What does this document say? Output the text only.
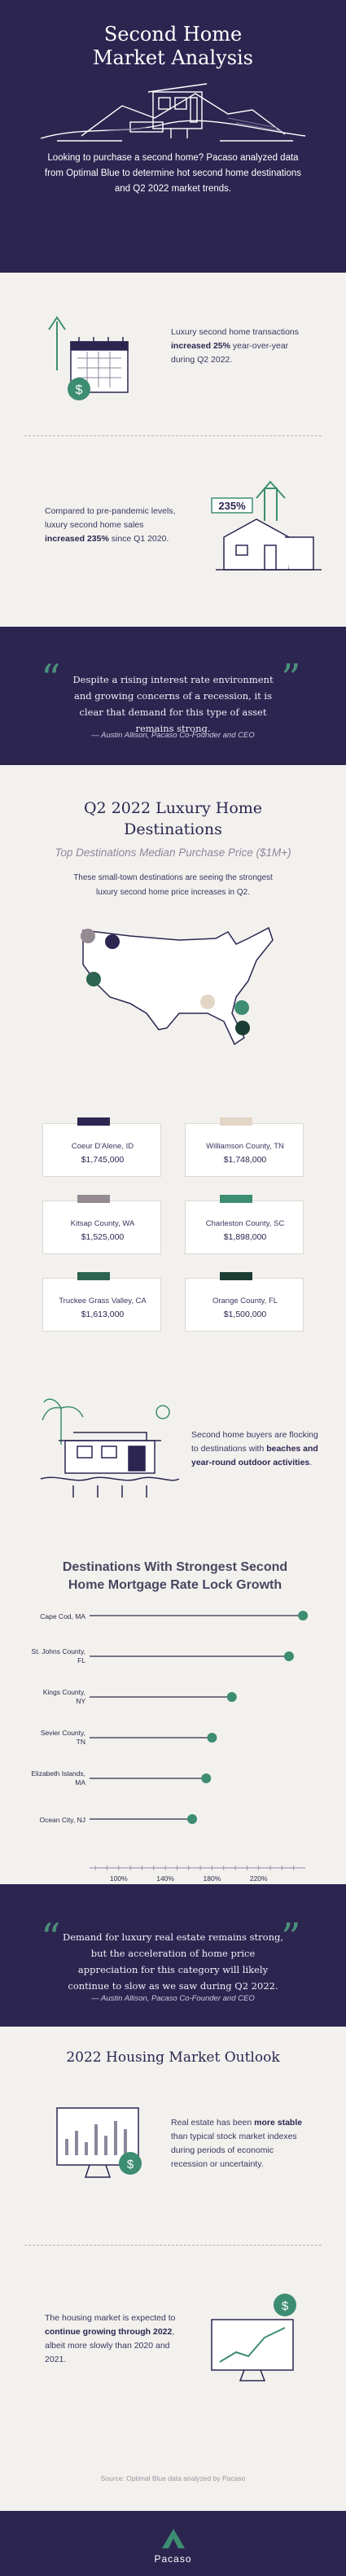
Second Home
Market Analysis
Looking to purchase a second home? Pacaso analyzed data from Optimal Blue to determine hot second home destinations and Q2 2022 market trends.
$
Luxury second home transactions increased 25% year-over-year during Q2 2022.
Compared to pre-pandemic levels, luxury second home sales increased 235% since Q1 2020.
235%
“	”
Despite a rising interest rate environment and growing concerns of a recession, it is clear that demand for this type of asset remains strong.
— Austin Allison, Pacaso Co-Founder and CEO
Q2 2022 Luxury Home
Destinations
Top Destinations Median Purchase Price ($1M+)
These small-town destinations are seeing the strongest luxury second home price increases in Q2.
Coeur D'Alene, ID
$1,745,000
Williamson County, TN
$1,748,000
Kitsap County, WA
$1,525,000
Charleston County, SC
$1,898,000
Truckee Grass Valley, CA
$1,613,000
Orange County, FL
$1,500,000
Second home buyers are flocking to destinations with beaches and year-round outdoor activities.
Destinations With Strongest Second Home Mortgage Rate Lock Growth
Cape Cod, MA
St. Johns County, FL
Kings County, NY
Sevier County, TN
Elizabeth Islands, MA
Ocean City, NJ
100%	140%	180%	220%
“	”
Demand for luxury real estate remains strong, but the acceleration of home price appreciation for this category will likely continue to slow as we saw during Q2 2022.
— Austin Allison, Pacaso Co-Founder and CEO
2022 Housing Market Outlook
$
Real estate has been more stable than typical stock market indexes during periods of economic recession or uncertainty.
The housing market is expected to continue growing through 2022, albeit more slowly than 2020 and 2021.
$
Source: Optimal Blue data analyzed by Pacaso
Pacaso
